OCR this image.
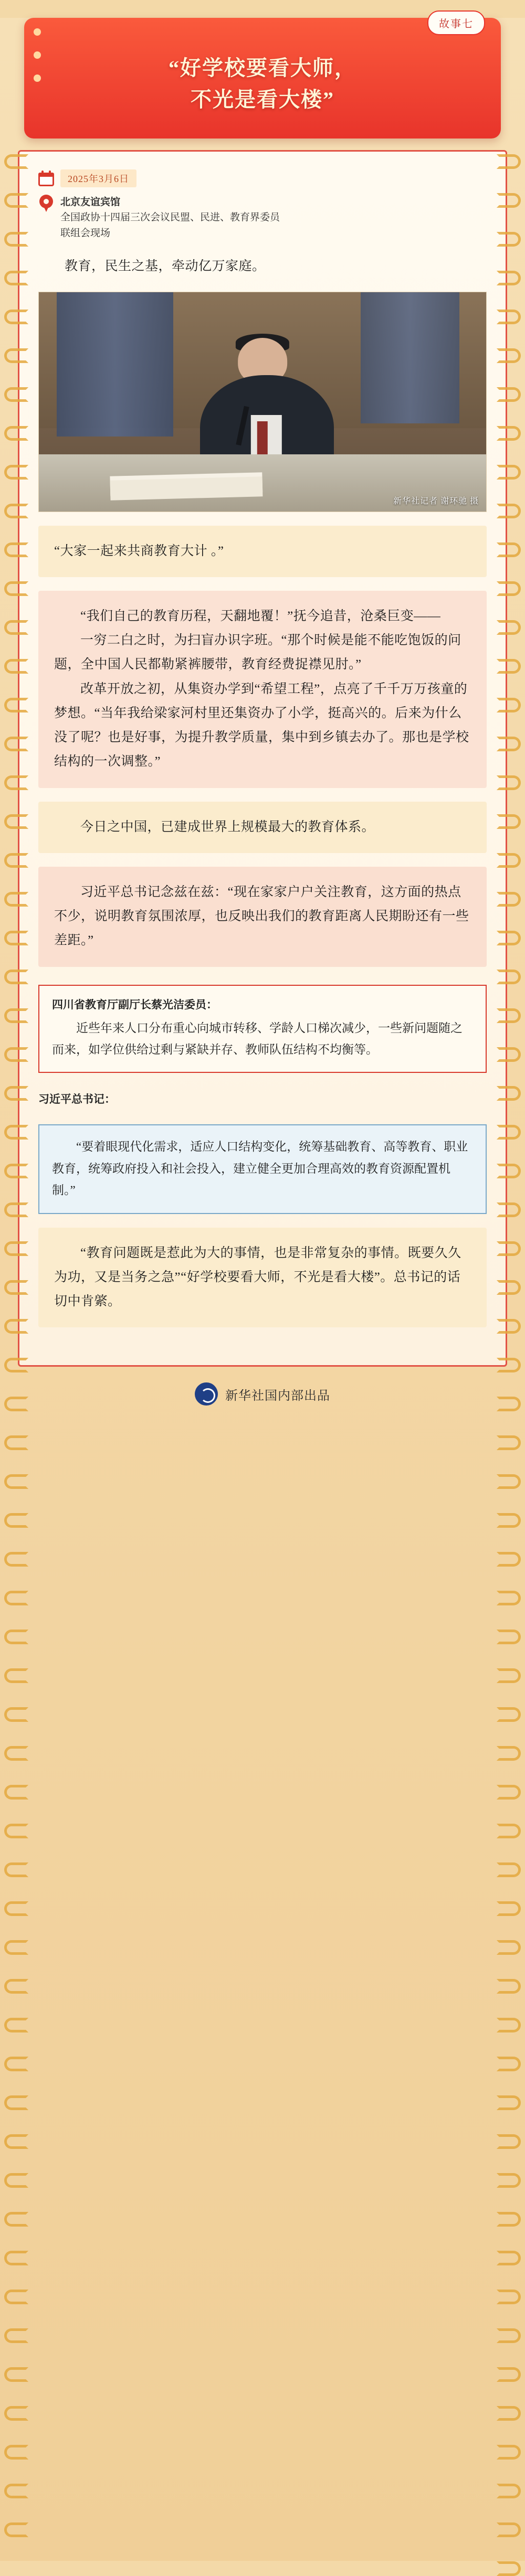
故事七
“好学校要看大师，
不光是看大楼”
2025年3月6日
北京友谊宾馆
全国政协十四届三次会议民盟、民进、教育界委员
联组会现场

教育，民生之基，牵动亿万家庭。

新华社记者 谢环驰 摄

“大家一起来共商教育大计 。”

“我们自己的教育历程，天翻地覆！”抚今追昔，沧桑巨变——

一穷二白之时，为扫盲办识字班。“那个时候是能不能吃饱饭的问题，全中国人民都勒紧裤腰带，教育经费捉襟见肘。”

改革开放之初，从集资办学到“希望工程”，点亮了千千万万孩童的梦想。“当年我给梁家河村里还集资办了小学，挺高兴的。后来为什么没了呢？也是好事，为提升教学质量，集中到乡镇去办了。那也是学校结构的一次调整。”

今日之中国，已建成世界上规模最大的教育体系。

习近平总书记念兹在兹：“现在家家户户关注教育，这方面的热点不少，说明教育氛围浓厚，也反映出我们的教育距离人民期盼还有一些差距。”

四川省教育厅副厅长蔡光洁委员：
近些年来人口分布重心向城市转移、学龄人口梯次减少，一些新问题随之而来，如学位供给过剩与紧缺并存、教师队伍结构不均衡等。
习近平总书记：
“要着眼现代化需求，适应人口结构变化，统筹基础教育、高等教育、职业教育，统筹政府投入和社会投入，建立健全更加合理高效的教育资源配置机制。”

“教育问题既是惹此为大的事情，也是非常复杂的事情。既要久久为功，又是当务之急”“好学校要看大师，不光是看大楼”。总书记的话切中肯綮。

新华社国内部出品
